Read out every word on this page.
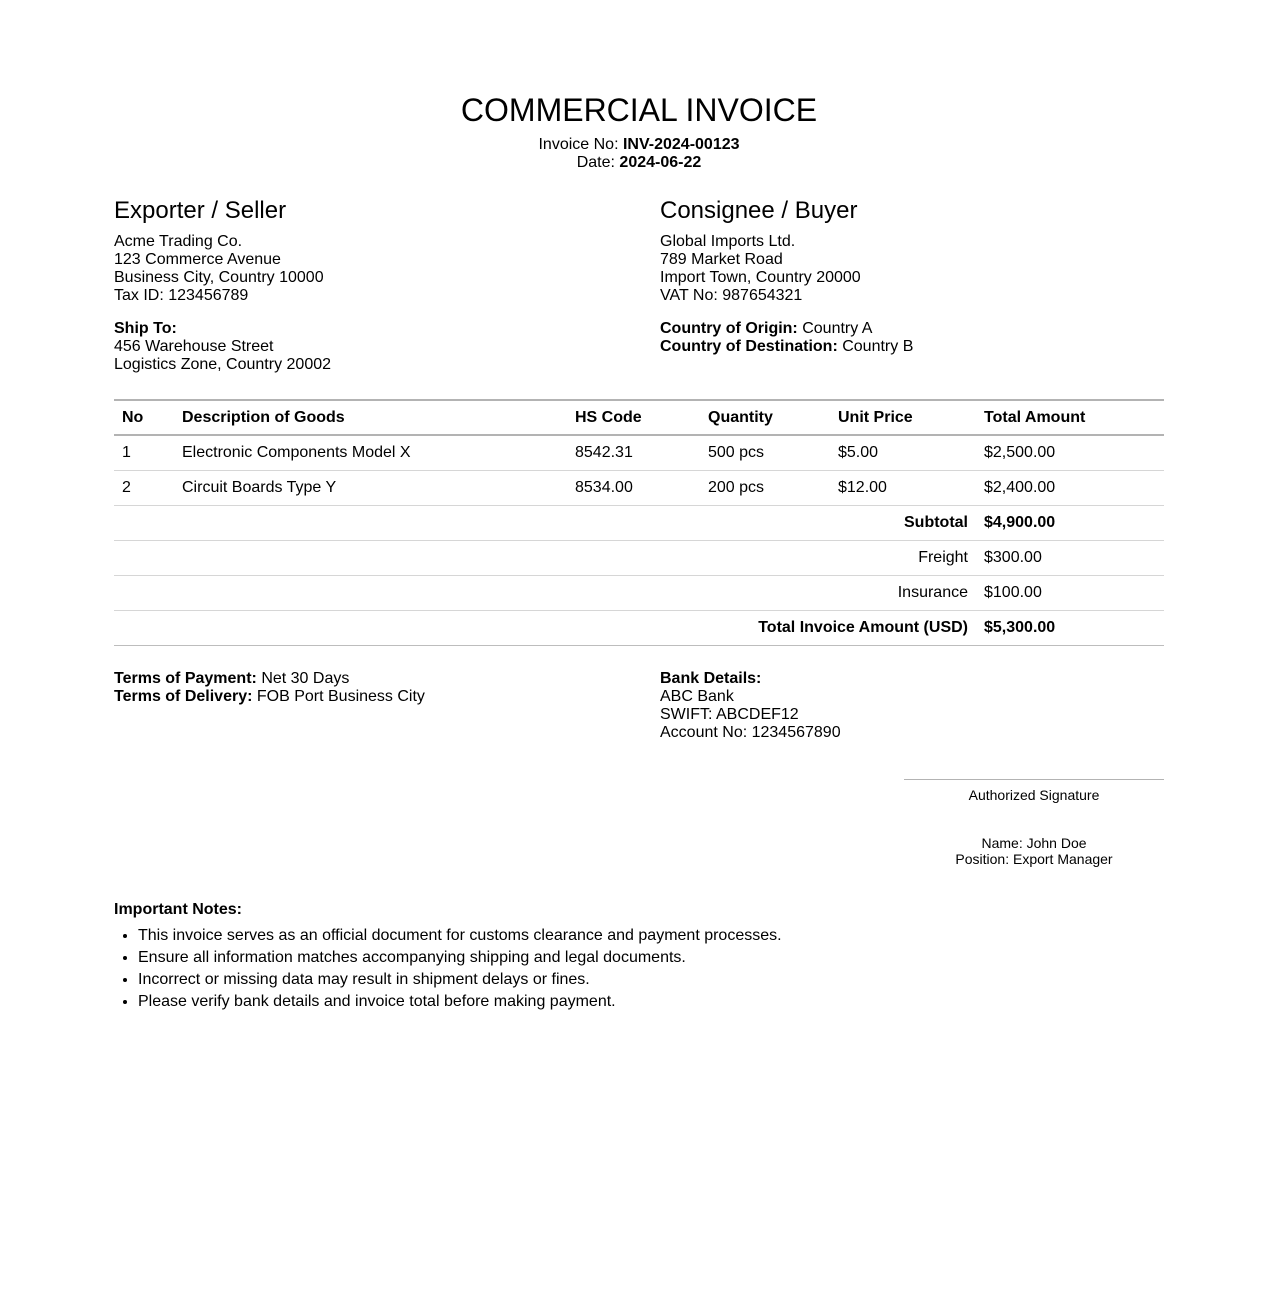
COMMERCIAL INVOICE
Invoice No: INV-2024-00123
Date: 2024-06-22
Exporter / Seller
Acme Trading Co.
123 Commerce Avenue
Business City, Country 10000
Tax ID: 123456789
Consignee / Buyer
Global Imports Ltd.
789 Market Road
Import Town, Country 20000
VAT No: 987654321
Ship To:
456 Warehouse Street
Logistics Zone, Country 20002
Country of Origin: Country A
Country of Destination: Country B
No	Description of Goods	HS Code	Quantity	Unit Price	Total Amount
1	Electronic Components Model X	8542.31	500 pcs	$5.00	$2,500.00
2	Circuit Boards Type Y	8534.00	200 pcs	$12.00	$2,400.00
Subtotal					$4,900.00
Freight					$300.00
Insurance					$100.00
Total Invoice Amount (USD)					$5,300.00
Terms of Payment: Net 30 Days
Terms of Delivery: FOB Port Business City
Bank Details:
ABC Bank
SWIFT: ABCDEF12
Account No: 1234567890
Authorized Signature
Name: John Doe
Position: Export Manager
Important Notes:
• This invoice serves as an official document for customs clearance and payment processes.
• Ensure all information matches accompanying shipping and legal documents.
• Incorrect or missing data may result in shipment delays or fines.
• Please verify bank details and invoice total before making payment.
